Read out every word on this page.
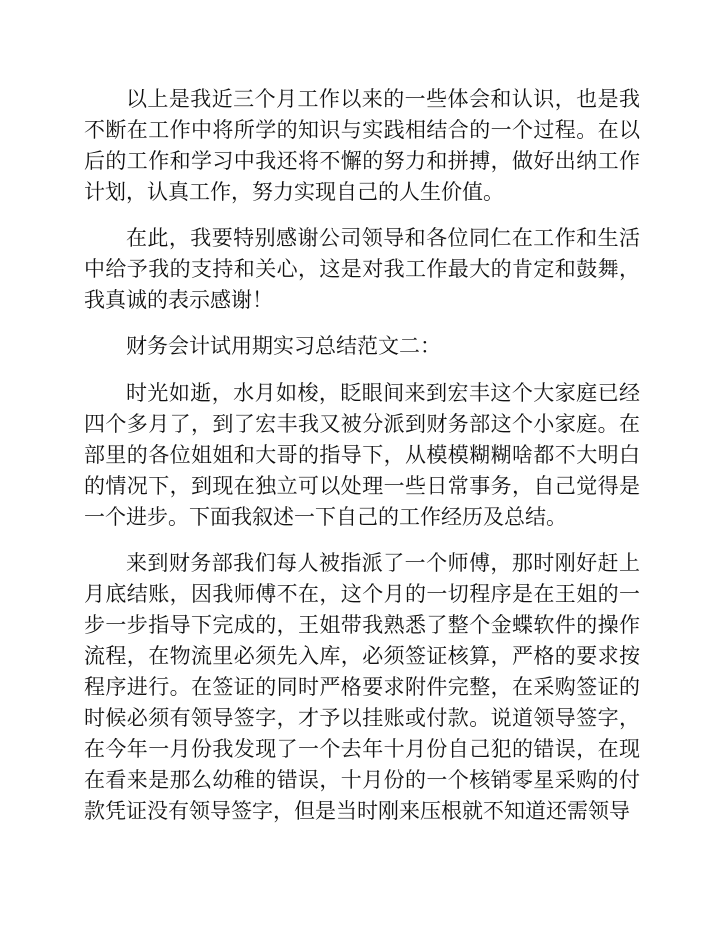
以上是我近三个月工作以来的一些体会和认识，也是我不断在工作中将所学的知识与实践相结合的一个过程。在以后的工作和学习中我还将不懈的努力和拼搏，做好出纳工作计划，认真工作，努力实现自己的人生价值。

在此，我要特别感谢公司领导和各位同仁在工作和生活中给予我的支持和关心，这是对我工作最大的肯定和鼓舞，我真诚的表示感谢！

财务会计试用期实习总结范文二：

时光如逝，水月如梭，眨眼间来到宏丰这个大家庭已经四个多月了，到了宏丰我又被分派到财务部这个小家庭。在部里的各位姐姐和大哥的指导下，从模模糊糊啥都不大明白的情况下，到现在独立可以处理一些日常事务，自己觉得是一个进步。下面我叙述一下自己的工作经历及总结。

来到财务部我们每人被指派了一个师傅，那时刚好赶上月底结账，因我师傅不在，这个月的一切程序是在王姐的一步一步指导下完成的，王姐带我熟悉了整个金蝶软件的操作流程，在物流里必须先入库，必须签证核算，严格的要求按程序进行。在签证的同时严格要求附件完整，在采购签证的时候必须有领导签字，才予以挂账或付款。说道领导签字，在今年一月份我发现了一个去年十月份自己犯的错误，在现在看来是那么幼稚的错误，十月份的一个核销零星采购的付款凭证没有领导签字，但是当时刚来压根就不知道还需领导
